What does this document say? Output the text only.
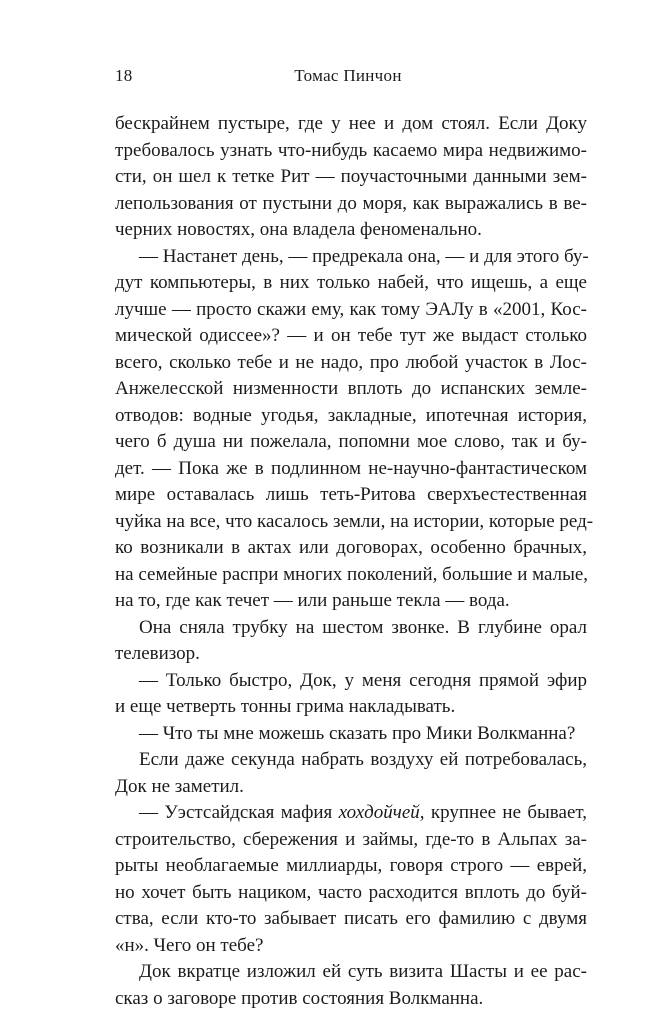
18	Томас Пинчон
бескрайнем пустыре, где у нее и дом стоял. Если Доку
требовалось узнать что-нибудь касаемо мира недвижимо-
сти, он шел к тетке Рит — поучасточными данными зем-
лепользования от пустыни до моря, как выражались в ве-
черних новостях, она владела феноменально.
— Настанет день, — предрекала она, — и для этого бу-
дут компьютеры, в них только набей, что ищешь, а еще
лучше — просто скажи ему, как тому ЭАЛу в «2001, Кос-
мической одиссее»? — и он тебе тут же выдаст столько
всего, сколько тебе и не надо, про любой участок в Лос-
Анжелесской низменности вплоть до испанских земле-
отводов: водные угодья, закладные, ипотечная история,
чего б душа ни пожелала, попомни мое слово, так и бу-
дет. — Пока же в подлинном не-научно-фантастическом
мире оставалась лишь теть-Ритова сверхъестественная
чуйка на все, что касалось земли, на истории, которые ред-
ко возникали в актах или договорах, особенно брачных,
на семейные распри многих поколений, большие и малые,
на то, где как течет — или раньше текла — вода.
Она сняла трубку на шестом звонке. В глубине орал
телевизор.
— Только быстро, Док, у меня сегодня прямой эфир
и еще четверть тонны грима накладывать.
— Что ты мне можешь сказать про Мики Волкманна?
Если даже секунда набрать воздуху ей потребовалась,
Док не заметил.
— Уэстсайдская мафия хохдойчей, крупнее не бывает,
строительство, сбережения и займы, где-то в Альпах за-
рыты необлагаемые миллиарды, говоря строго — еврей,
но хочет быть нациком, часто расходится вплоть до буй-
ства, если кто-то забывает писать его фамилию с двумя
«н». Чего он тебе?
Док вкратце изложил ей суть визита Шасты и ее рас-
сказ о заговоре против состояния Волкманна.
